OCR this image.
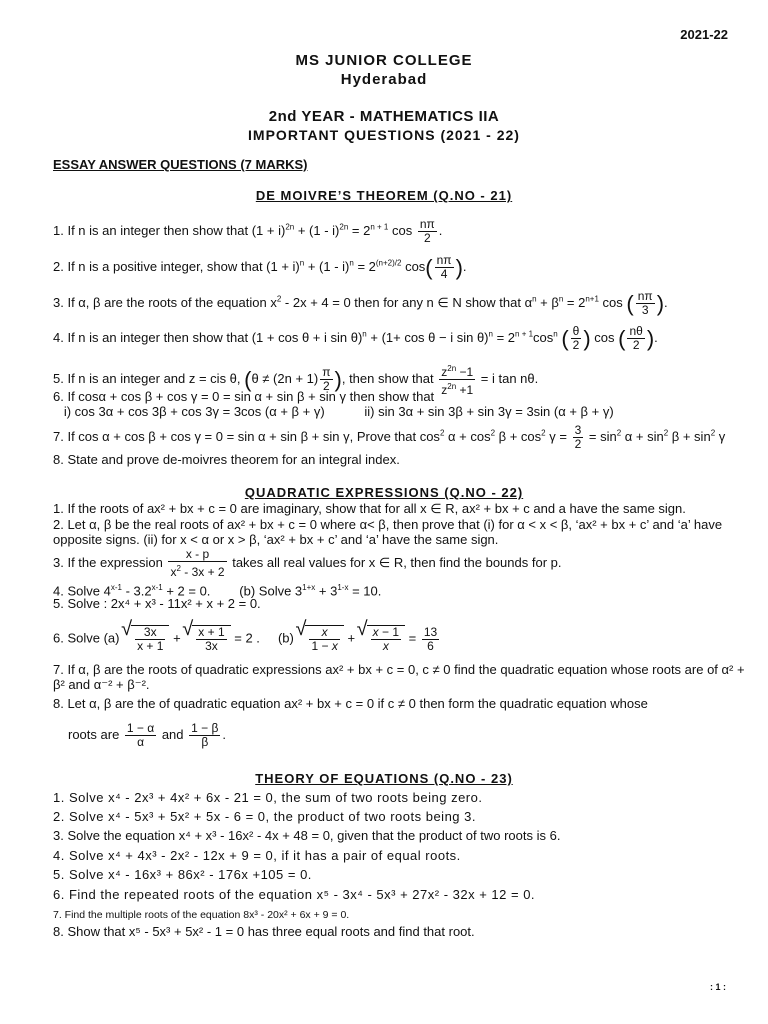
2021-22
MS JUNIOR COLLEGE
Hyderabad
2nd YEAR - MATHEMATICS IIA
IMPORTANT QUESTIONS (2021 - 22)
ESSAY ANSWER QUESTIONS (7 MARKS)
DE MOIVRE’S THEOREM (Q.NO - 21)
1. If n is an integer then show that $(1 + i)^{2n} + (1 - i)^{2n} = 2^{n + 1}$ $\cos \frac{n\pi}{2}$ .
2. If n is a positive integer, show that $(1 + i)^n + (1 - i)^n = 2^{(n+2)/2}$ $\cos( \frac{n\pi}{4}$ ).
3. If α, β are the roots of the equation $x^2 - 2x + 4 = 0$ then for any n ∈ N show that $\alpha^n + \beta^n = 2^{n+1}$ cos ( $\frac{n\pi}{3}$ ).
4. If n is an integer then show that (1 + cos θ + i sin θ)$^n$ + (1+ cos θ − i $\sin \theta)^n = 2^{n + 1}\cos^n$ ( $\frac{\theta}{2}$ ) cos ( $\frac{n\theta}{2}$ ).
5. If n is an integer and z = cis θ, ($\theta \ne (2n + 1) \frac{\pi}{2}$ ), then show that $\frac{z^{2n} -1}{z^{2n} +1} = i$ tan nθ.
6. If cosα + cos β + cos γ = 0 = sin α + sin β + sin γ then show that
i) cos 3α + cos 3β + cos 3γ = 3cos (α + β + γ)           ii) sin 3α + sin 3β + sin 3γ = 3sin (α + β + γ)
7. If cos α + cos β + cos γ = 0 = sin α + sin β + sin γ, Prove that $\cos^2 \alpha + \cos^2 \beta + \cos^2 \gamma = \frac{3}{2} = \sin^2 \alpha + \sin^2 \beta + \sin^2 \gamma$
8. State and prove de-moivres theorem for an integral index.
QUADRATIC EXPRESSIONS (Q.NO - 22)
1. If the roots of ax² + bx + c = 0 are imaginary, show that for all x ∈ R, ax² + bx + c and a have the same sign.
2. Let α, β be the real roots of ax² + bx + c = 0 where α< β, then prove that (i) for α < x < β, ‘ax² + bx + c’ and ‘a’ have opposite signs. (ii) for x < α or x > β, ‘ax² + bx + c’ and ‘a’ have the same sign.
3. If the expression $\frac{x - p}{x^2 - 3x + 2}$ takes all real values for x ∈ R, then find the bounds for p.
4. Solve $4^{x-1} - 3.2^{x-1} + 2 = 0$.        (b) Solve $3^{1+x} + 3^{1-x} = 10$.
5. Solve : 2x⁴ + x³ - 11x² + x + 2 = 0.
6. Solve (a) √ $\frac{3x}{x + 1}$ + √ $\frac{x + 1}{3x} = 2$ .     (b) √ $\frac{x}{1 - x}$ + √ $\frac{x - 1}{x} = \frac{13}{6}$
7. If α, β are the roots of quadratic expressions ax² + bx + c = 0, c ≠ 0 find the quadratic equation whose roots are of α² + β² and α⁻² + β⁻².
8. Let α, β are the of quadratic equation ax² + bx + c = 0 if c ≠ 0 then form the quadratic equation whose
roots are $\frac{1 - \alpha}{\alpha}$ and $\frac{1 - \beta}{\beta}$ .
THEORY OF EQUATIONS (Q.NO - 23)
1. Solve x⁴ - 2x³ + 4x² + 6x - 21 = 0, the sum of two roots being zero.
2. Solve x⁴ - 5x³ + 5x² + 5x - 6 = 0, the product of two roots being 3.
3. Solve the equation x⁴ + x³ - 16x² - 4x + 48 = 0, given that the product of two roots is 6.
4. Solve x⁴ + 4x³ - 2x² - 12x + 9 = 0, if it has a pair of equal roots.
5. Solve x⁴ - 16x³ + 86x² - 176x +105 = 0.
6. Find the repeated roots of the equation x⁵ - 3x⁴ - 5x³ + 27x² - 32x + 12 = 0.
7. Find the multiple roots of the equation 8x³ - 20x² + 6x + 9 = 0.
8. Show that x⁵ - 5x³ + 5x² - 1 = 0 has three equal roots and find that root.
: 1 :
